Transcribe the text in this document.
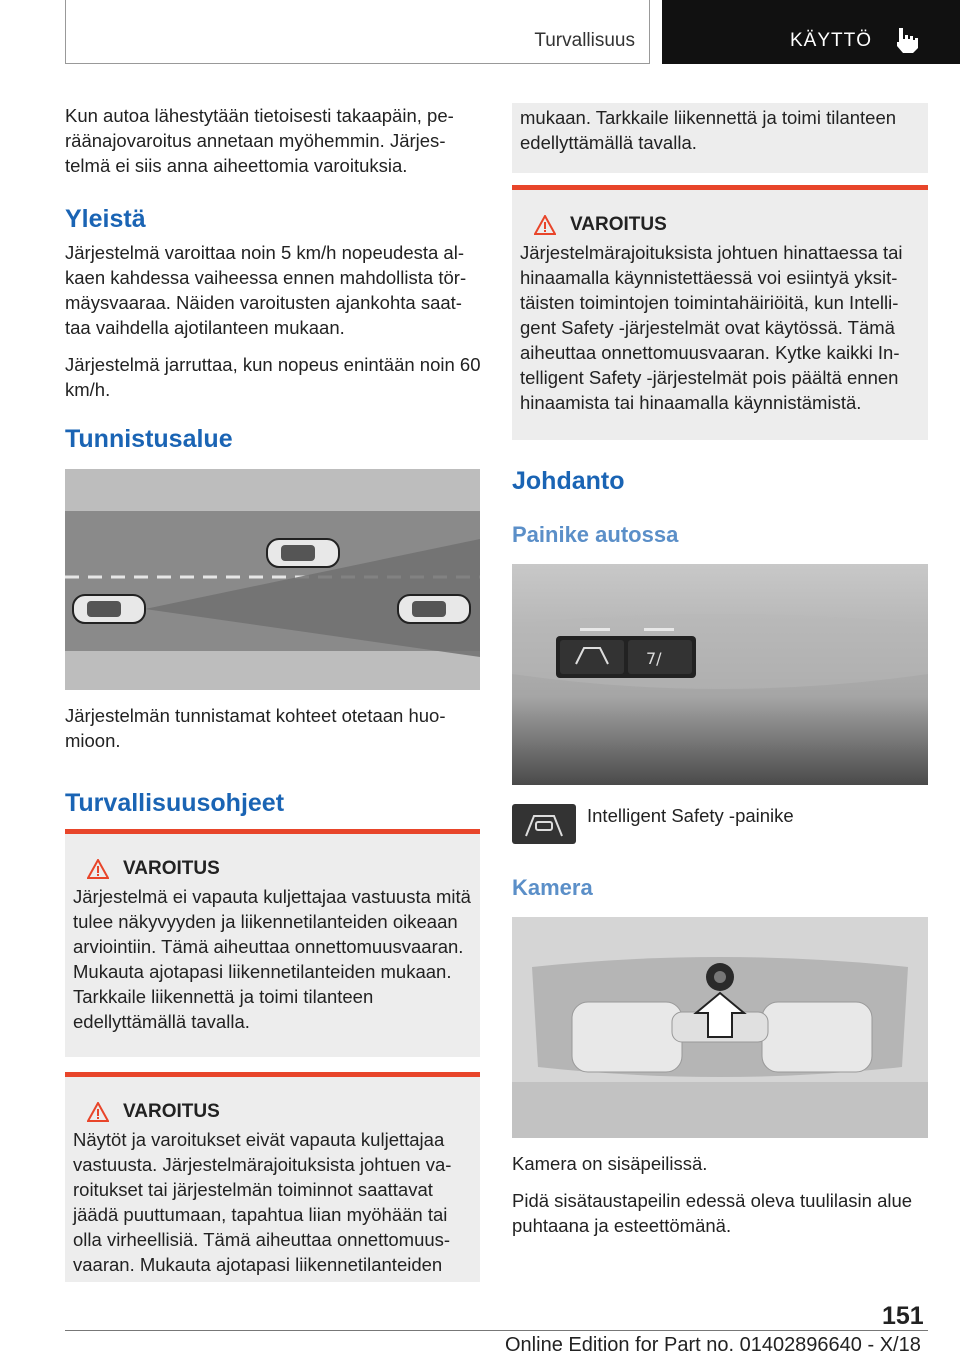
Turvallisuus	KÄYTTÖ

Kun autoa lähestytään tietoisesti takaapäin, peräänajovaroitus annetaan myöhemmin. Järjestelmä ei siis anna aiheettomia varoituksia.

Yleistä

Järjestelmä varoittaa noin 5 km/h nopeudesta alkaen kahdessa vaiheessa ennen mahdollista törmäysvaaraa. Näiden varoitusten ajankohta saattaa vaihdella ajotilanteen mukaan.

Järjestelmä jarruttaa, kun nopeus enintään noin 60 km/h.

Tunnistusalue

Järjestelmän tunnistamat kohteet otetaan huomioon.

Turvallisuusohjeet
VAROITUS

Järjestelmä ei vapauta kuljettajaa vastuusta mitä tulee näkyvyyden ja liikennetilanteiden oikeaan arviointiin. Tämä aiheuttaa onnettomuusvaaran. Mukauta ajotapasi liikennetilanteiden mukaan. Tarkkaile liikennettä ja toimi tilanteen edellyttämällä tavalla.

VAROITUS

Näytöt ja varoitukset eivät vapauta kuljettajaa vastuusta. Järjestelmärajoituksista johtuen varoitukset tai järjestelmän toiminnot saattavat jäädä puuttumaan, tapahtua liian myöhään tai olla virheellisiä. Tämä aiheuttaa onnettomuusvaaran. Mukauta ajotapasi liikennetilanteiden

mukaan. Tarkkaile liikennettä ja toimi tilanteen edellyttämällä tavalla.

VAROITUS

Järjestelmärajoituksista johtuen hinattaessa tai hinaamalla käynnistettäessä voi esiintyä yksittäisten toimintojen toimintahäiriöitä, kun Intelligent Safety -järjestelmät ovat käytössä. Tämä aiheuttaa onnettomuusvaaran. Kytke kaikki Intelligent Safety -järjestelmät pois päältä ennen hinaamista tai hinaamalla käynnistämistä.

Johdanto
Painike autossa
7/

Intelligent Safety -painike

Kamera

Kamera on sisäpeilissä.

Pidä sisätaustapeilin edessä oleva tuulilasin alue puhtaana ja esteettömänä.

151
Online Edition for Part no. 01402896640 - X/18
